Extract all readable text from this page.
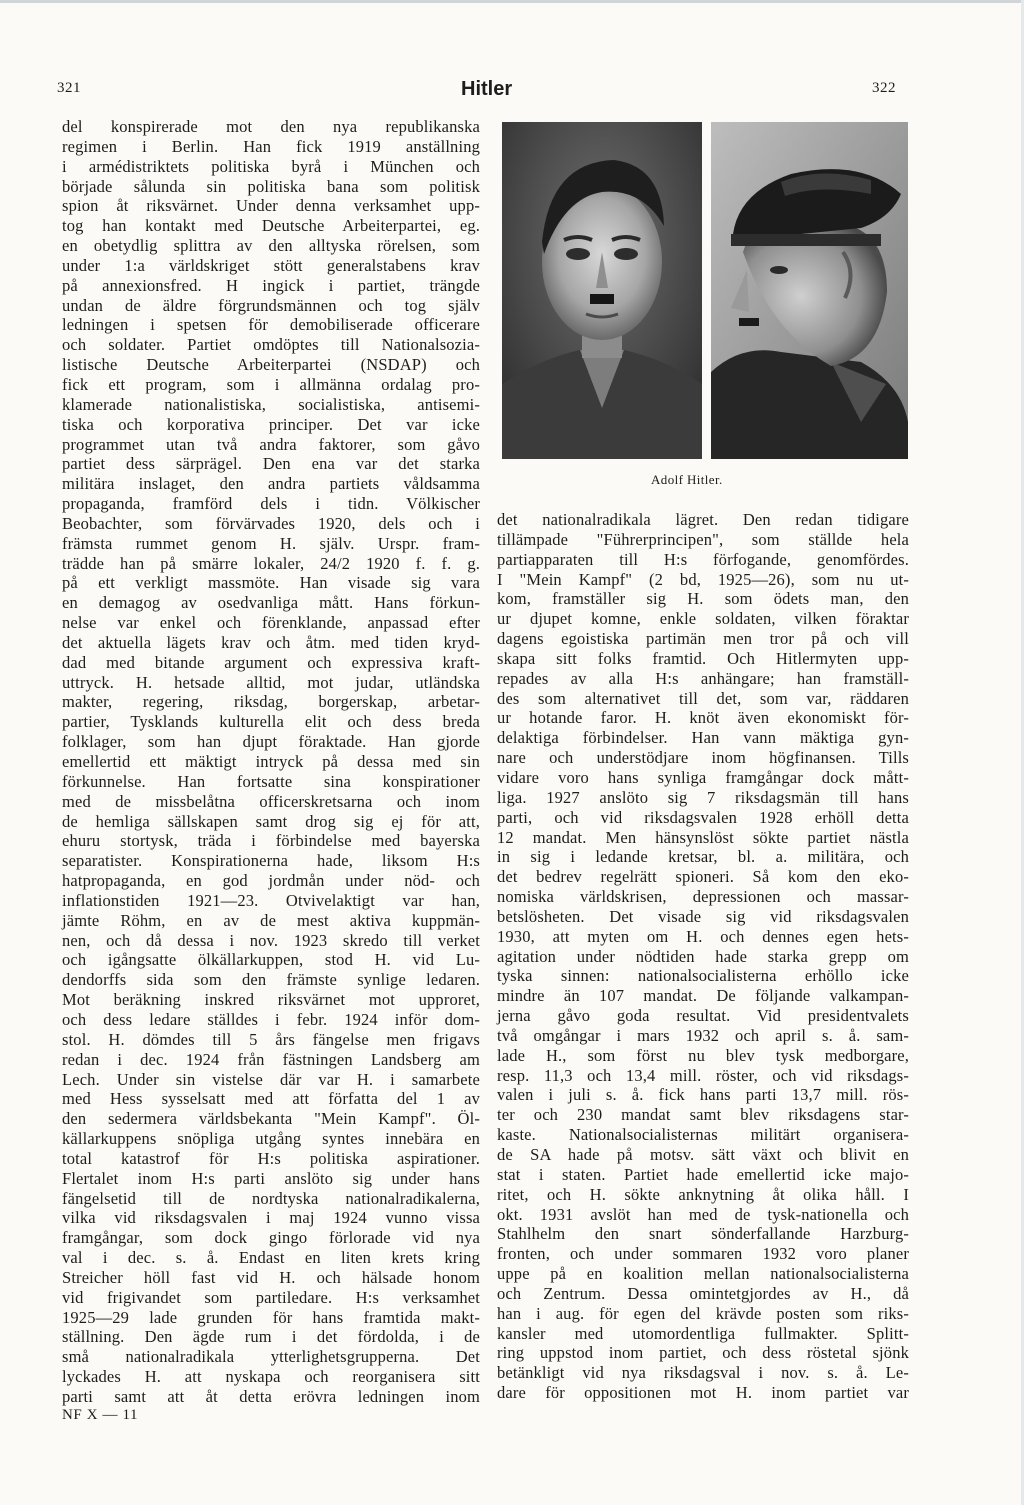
321	Hitler	322
del konspirerade mot den nya republikanska
regimen i Berlin. Han fick 1919 anställning
i armédistriktets politiska byrå i München och
började sålunda sin politiska bana som politisk
spion åt riksvärnet. Under denna verksamhet upp-
tog han kontakt med Deutsche Arbeiterpartei, eg.
en obetydlig splittra av den alltyska rörelsen, som
under 1:a världskriget stött generalstabens krav
på annexionsfred. H ingick i partiet, trängde
undan de äldre förgrundsmännen och tog själv
ledningen i spetsen för demobiliserade officerare
och soldater. Partiet omdöptes till Nationalsozia-
listische Deutsche Arbeiterpartei (NSDAP) och
fick ett program, som i allmänna ordalag pro-
klamerade nationalistiska, socialistiska, antisemi-
tiska och korporativa principer. Det var icke
programmet utan två andra faktorer, som gåvo
partiet dess särprägel. Den ena var det starka
militära inslaget, den andra partiets våldsamma
propaganda, framförd dels i tidn. Völkischer
Beobachter, som förvärvades 1920, dels och i
främsta rummet genom H. själv. Urspr. fram-
trädde han på smärre lokaler, 24/2 1920 f. f. g.
på ett verkligt massmöte. Han visade sig vara
en demagog av osedvanliga mått. Hans förkun-
nelse var enkel och förenklande, anpassad efter
det aktuella lägets krav och åtm. med tiden kryd-
dad med bitande argument och expressiva kraft-
uttryck. H. hetsade alltid, mot judar, utländska
makter, regering, riksdag, borgerskap, arbetar-
partier, Tysklands kulturella elit och dess breda
folklager, som han djupt föraktade. Han gjorde
emellertid ett mäktigt intryck på dessa med sin
förkunnelse. Han fortsatte sina konspirationer
med de missbelåtna officerskretsarna och inom
de hemliga sällskapen samt drog sig ej för att,
ehuru stortysk, träda i förbindelse med bayerska
separatister. Konspirationerna hade, liksom H:s
hatpropaganda, en god jordmån under nöd- och
inflationstiden 1921—23. Otvivelaktigt var han,
jämte Röhm, en av de mest aktiva kuppmän-
nen, och då dessa i nov. 1923 skredo till verket
och igångsatte ölkällarkuppen, stod H. vid Lu-
dendorffs sida som den främste synlige ledaren.
Mot beräkning inskred riksvärnet mot upproret,
och dess ledare ställdes i febr. 1924 inför dom-
stol. H. dömdes till 5 års fängelse men frigavs
redan i dec. 1924 från fästningen Landsberg am
Lech. Under sin vistelse där var H. i samarbete
med Hess sysselsatt med att författa del 1 av
den sedermera världsbekanta "Mein Kampf". Öl-
källarkuppens snöpliga utgång syntes innebära en
total katastrof för H:s politiska aspirationer.
Flertalet inom H:s parti anslöto sig under hans
fängelsetid till de nordtyska nationalradikalerna,
vilka vid riksdagsvalen i maj 1924 vunno vissa
framgångar, som dock gingo förlorade vid nya
val i dec. s. å. Endast en liten krets kring
Streicher höll fast vid H. och hälsade honom
vid frigivandet som partiledare. H:s verksamhet
1925—29 lade grunden för hans framtida makt-
ställning. Den ägde rum i det fördolda, i de
små nationalradikala ytterlighetsgrupperna. Det
lyckades H. att nyskapa och reorganisera sitt
parti samt att åt detta erövra ledningen inom
Adolf Hitler.
det nationalradikala lägret. Den redan tidigare
tillämpade "Führerprincipen", som ställde hela
partiapparaten till H:s förfogande, genomfördes.
I "Mein Kampf" (2 bd, 1925—26), som nu ut-
kom, framställer sig H. som ödets man, den
ur djupet komne, enkle soldaten, vilken föraktar
dagens egoistiska partimän men tror på och vill
skapa sitt folks framtid. Och Hitlermyten upp-
repades av alla H:s anhängare; han framställ-
des som alternativet till det, som var, räddaren
ur hotande faror. H. knöt även ekonomiskt för-
delaktiga förbindelser. Han vann mäktiga gyn-
nare och understödjare inom högfinansen. Tills
vidare voro hans synliga framgångar dock mått-
liga. 1927 anslöto sig 7 riksdagsmän till hans
parti, och vid riksdagsvalen 1928 erhöll detta
12 mandat. Men hänsynslöst sökte partiet nästla
in sig i ledande kretsar, bl. a. militära, och
det bedrev regelrätt spioneri. Så kom den eko-
nomiska världskrisen, depressionen och massar-
betslösheten. Det visade sig vid riksdagsvalen
1930, att myten om H. och dennes egen hets-
agitation under nödtiden hade starka grepp om
tyska sinnen: nationalsocialisterna erhöllo icke
mindre än 107 mandat. De följande valkampan-
jerna gåvo goda resultat. Vid presidentvalets
två omgångar i mars 1932 och april s. å. sam-
lade H., som först nu blev tysk medborgare,
resp. 11,3 och 13,4 mill. röster, och vid riksdags-
valen i juli s. å. fick hans parti 13,7 mill. rös-
ter och 230 mandat samt blev riksdagens star-
kaste. Nationalsocialisternas militärt organisera-
de SA hade på motsv. sätt växt och blivit en
stat i staten. Partiet hade emellertid icke majo-
ritet, och H. sökte anknytning åt olika håll. I
okt. 1931 avslöt han med de tysk-nationella och
Stahlhelm den snart sönderfallande Harzburg-
fronten, och under sommaren 1932 voro planer
uppe på en koalition mellan nationalsocialisterna
och Zentrum. Dessa omintetgjordes av H., då
han i aug. för egen del krävde posten som riks-
kansler med utomordentliga fullmakter. Splitt-
ring uppstod inom partiet, och dess röstetal sjönk
betänkligt vid nya riksdagsval i nov. s. å. Le-
dare för oppositionen mot H. inom partiet var
NF X — 11
